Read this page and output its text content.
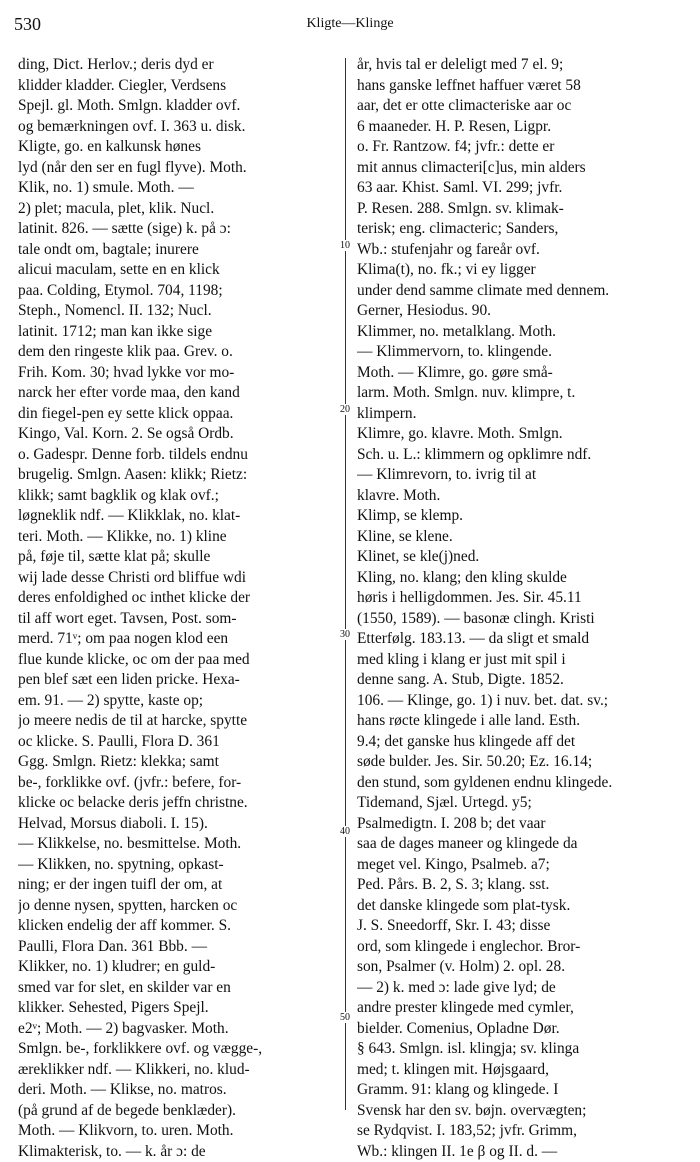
530	Kligte—Klinge
ding, Dict. Herlov.; deris dyd er
klidder kladder. Ciegler, Verdsens
Spejl. gl. Moth. Smlgn. kladder ovf.
og bemærkningen ovf. I. 363 u. disk.
Kligte, go. en kalkunsk hønes
lyd (når den ser en fugl flyve). Moth.
Klik, no. 1) smule. Moth. —
2) plet; macula, plet, klik. Nucl.
latinit. 826. — sætte (sige) k. på ɔ:
tale ondt om, bagtale; inurere
alicui maculam, sette en en klick
paa. Colding, Etymol. 704, 1198;
Steph., Nomencl. II. 132; Nucl.
latinit. 1712; man kan ikke sige
dem den ringeste klik paa. Grev. o.
Frih. Kom. 30; hvad lykke vor mo-
narck her efter vorde maa, den kand
din fiegel-pen ey sette klick oppaa.
Kingo, Val. Korn. 2. Se også Ordb.
o. Gadespr. Denne forb. tildels endnu
brugelig. Smlgn. Aasen: klikk; Rietz:
klikk; samt bagklik og klak ovf.;
løgneklik ndf. — Klikklak, no. klat-
teri. Moth. — Klikke, no. 1) kline
på, føje til, sætte klat på; skulle
wij lade desse Christi ord bliffue wdi
deres enfoldighed oc inthet klicke der
til aff wort eget. Tavsen, Post. som-
merd. 71ᵛ; om paa nogen klod een
flue kunde klicke, oc om der paa med
pen blef sæt een liden pricke. Hexa-
em. 91. — 2) spytte, kaste op;
jo meere nedis de til at harcke, spytte
oc klicke. S. Paulli, Flora D. 361
Ggg. Smlgn. Rietz: klekka; samt
be-, forklikke ovf. (jvfr.: befere, for-
klicke oc belacke deris jeffn christne.
Helvad, Morsus diaboli. I. 15).
— Klikkelse, no. besmittelse. Moth.
— Klikken, no. spytning, opkast-
ning; er der ingen tuifl der om, at
jo denne nysen, spytten, harcken oc
klicken endelig der aff kommer. S.
Paulli, Flora Dan. 361 Bbb. —
Klikker, no. 1) kludrer; en guld-
smed var for slet, en skilder var en
klikker. Sehested, Pigers Spejl.
e2ᵛ; Moth. — 2) bagvasker. Moth.
Smlgn. be-, forklikkere ovf. og vægge-,
æreklikker ndf. — Klikkeri, no. klud-
deri. Moth. — Klikse, no. matros.
(på grund af de begede benklæder).
Moth. — Klikvorn, to. uren. Moth.
Klimakterisk, to. — k. år ɔ: de
år, hvis tal er deleligt med 7 el. 9;
hans ganske leffnet haffuer været 58
aar, det er otte climacteriske aar oc
6 maaneder. H. P. Resen, Ligpr.
o. Fr. Rantzow. f4; jvfr.: dette er
mit annus climacteri[c]us, min alders
63 aar. Khist. Saml. VI. 299; jvfr.
P. Resen. 288. Smlgn. sv. klimak-
terisk; eng. climacteric; Sanders,
Wb.: stufenjahr og fareår ovf.
Klima(t), no. fk.; vi ey ligger
under dend samme climate med dennem.
Gerner, Hesiodus. 90.
Klimmer, no. metalklang. Moth.
— Klimmervorn, to. klingende.
Moth. — Klimre, go. gøre små-
larm. Moth. Smlgn. nuv. klimpre, t.
klimpern.
Klimre, go. klavre. Moth. Smlgn.
Sch. u. L.: klimmern og opklimre ndf.
— Klimrevorn, to. ivrig til at
klavre. Moth.
Klimp, se klemp.
Kline, se klene.
Klinet, se kle(j)ned.
Kling, no. klang; den kling skulde
høris i helligdommen. Jes. Sir. 45.11
(1550, 1589). — basonæ clingh. Kristi
Etterfølg. 183.13. — da sligt et smald
med kling i klang er just mit spil i
denne sang. A. Stub, Digte. 1852.
106. — Klinge, go. 1) i nuv. bet. dat. sv.;
hans røcte klingede i alle land. Esth.
9.4; det ganske hus klingede aff det
søde bulder. Jes. Sir. 50.20; Ez. 16.14;
den stund, som gyldenen endnu klingede.
Tidemand, Sjæl. Urtegd. y5;
Psalmedigtn. I. 208 b; det vaar
saa de dages maneer og klingede da
meget vel. Kingo, Psalmeb. a7;
Ped. Pårs. B. 2, S. 3; klang. sst.
det danske klingede som plat-tysk.
J. S. Sneedorff, Skr. I. 43; disse
ord, som klingede i englechor. Bror-
son, Psalmer (v. Holm) 2. opl. 28.
— 2) k. med ɔ: lade give lyd; de
andre prester klingede med cymler,
bielder. Comenius, Opladne Dør.
§ 643. Smlgn. isl. klingja; sv. klinga
med; t. klingen mit. Højsgaard,
Gramm. 91: klang og klingede. I
Svensk har den sv. bøjn. overvægten;
se Rydqvist. I. 183,52; jvfr. Grimm,
Wb.: klingen II. 1e β og II. d. —
10
20
30
40
50
